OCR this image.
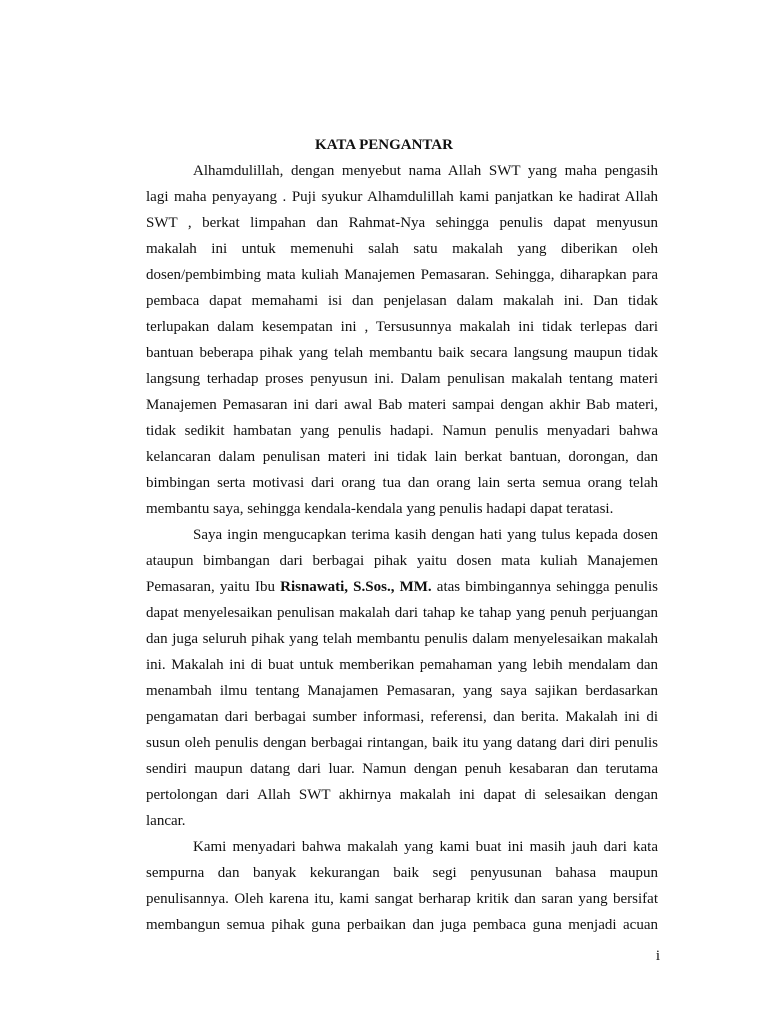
KATA PENGANTAR
Alhamdulillah, dengan menyebut nama Allah SWT yang maha pengasih
lagi maha penyayang . Puji syukur Alhamdulillah kami panjatkan ke hadirat Allah
SWT , berkat limpahan dan Rahmat-Nya sehingga penulis dapat menyusun
makalah ini untuk memenuhi salah satu makalah yang diberikan oleh
dosen/pembimbing mata kuliah Manajemen Pemasaran. Sehingga, diharapkan para
pembaca dapat memahami isi dan penjelasan dalam makalah ini. Dan tidak
terlupakan dalam kesempatan ini , Tersusunnya makalah ini tidak terlepas dari
bantuan beberapa pihak yang telah membantu baik secara langsung maupun tidak
langsung terhadap proses penyusun ini. Dalam penulisan makalah tentang materi
Manajemen Pemasaran ini dari awal Bab materi sampai dengan akhir Bab materi,
tidak sedikit hambatan yang penulis hadapi. Namun penulis menyadari bahwa
kelancaran dalam penulisan materi ini tidak lain berkat bantuan, dorongan, dan
bimbingan serta motivasi dari orang tua dan orang lain serta semua orang telah
membantu saya, sehingga kendala-kendala yang penulis hadapi dapat teratasi.
Saya ingin mengucapkan terima kasih dengan hati yang tulus kepada dosen
ataupun bimbangan dari berbagai pihak yaitu dosen mata kuliah Manajemen
Pemasaran, yaitu Ibu Risnawati, S.Sos., MM. atas bimbingannya sehingga penulis
dapat menyelesaikan penulisan makalah dari tahap ke tahap yang penuh perjuangan
dan juga seluruh pihak yang telah membantu penulis dalam menyelesaikan makalah
ini. Makalah ini di buat untuk memberikan pemahaman yang lebih mendalam dan
menambah ilmu tentang Manajamen Pemasaran, yang saya sajikan berdasarkan
pengamatan dari berbagai sumber informasi, referensi, dan berita. Makalah ini di
susun oleh penulis dengan berbagai rintangan, baik itu yang datang dari diri penulis
sendiri maupun datang dari luar. Namun dengan penuh kesabaran dan terutama
pertolongan dari Allah SWT akhirnya makalah ini dapat di selesaikan dengan
lancar.
Kami menyadari bahwa makalah yang kami buat ini masih jauh dari kata
sempurna dan banyak kekurangan baik segi penyusunan bahasa maupun
penulisannya. Oleh karena itu, kami sangat berharap kritik dan saran yang bersifat
membangun semua pihak guna perbaikan dan juga pembaca guna menjadi acuan
i
